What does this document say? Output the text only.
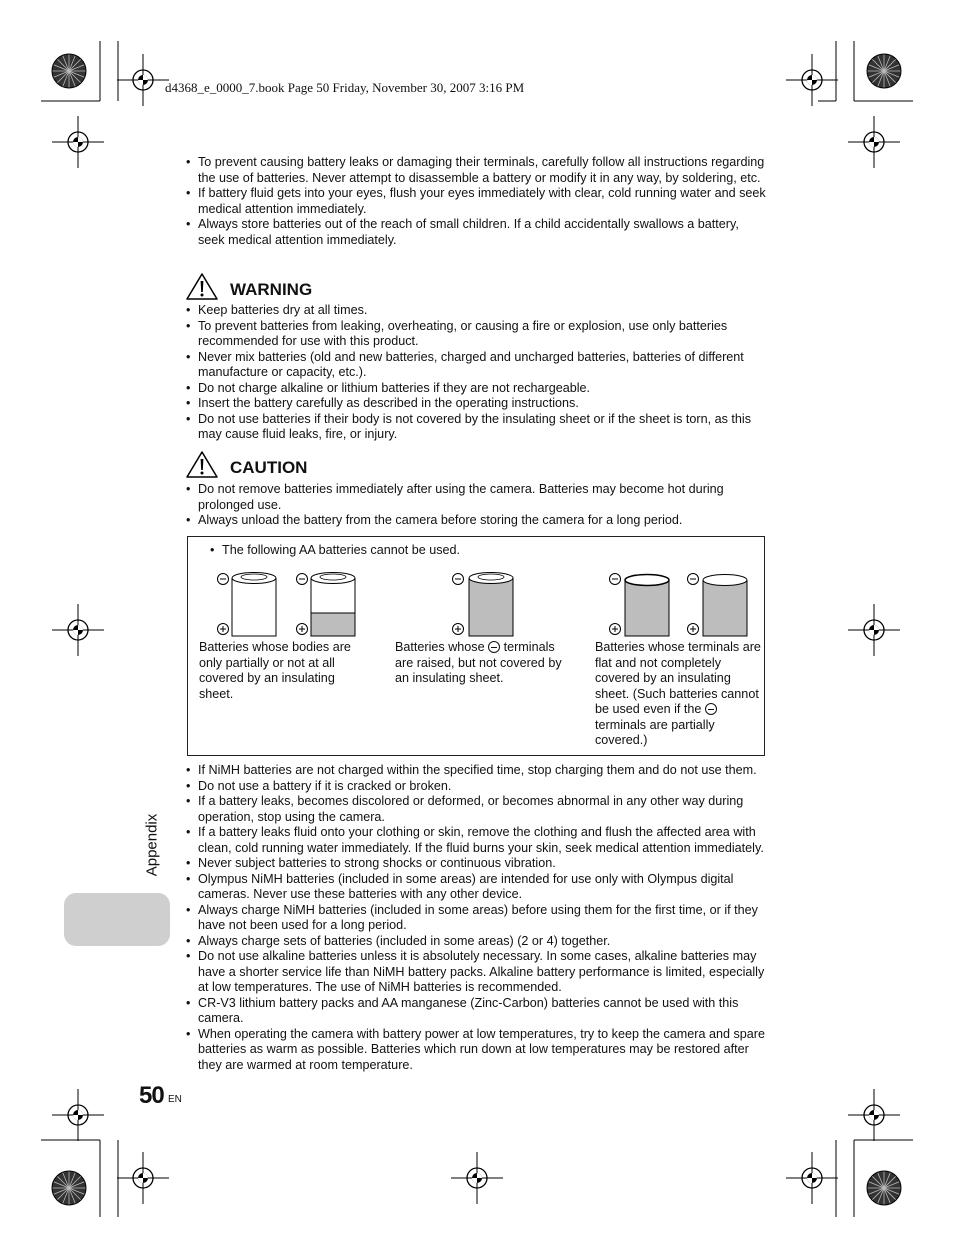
d4368_e_0000_7.book Page 50 Friday, November 30, 2007 3:16 PM
• To prevent causing battery leaks or damaging their terminals, carefully follow all instructions regarding the use of batteries. Never attempt to disassemble a battery or modify it in any way, by soldering, etc.
• If battery fluid gets into your eyes, flush your eyes immediately with clear, cold running water and seek medical attention immediately.
• Always store batteries out of the reach of small children. If a child accidentally swallows a battery, seek medical attention immediately.
WARNING
• Keep batteries dry at all times.
• To prevent batteries from leaking, overheating, or causing a fire or explosion, use only batteries recommended for use with this product.
• Never mix batteries (old and new batteries, charged and uncharged batteries, batteries of different manufacture or capacity, etc.).
• Do not charge alkaline or lithium batteries if they are not rechargeable.
• Insert the battery carefully as described in the operating instructions.
• Do not use batteries if their body is not covered by the insulating sheet or if the sheet is torn, as this may cause fluid leaks, fire, or injury.
CAUTION
• Do not remove batteries immediately after using the camera. Batteries may become hot during prolonged use.
• Always unload the battery from the camera before storing the camera for a long period.
• The following AA batteries cannot be used.
Batteries whose bodies are only partially or not at all covered by an insulating sheet.
Batteries whose  terminals are raised, but not covered by an insulating sheet.
Batteries whose terminals are flat and not completely covered by an insulating sheet. (Such batteries cannot be used even if the  terminals are partially covered.)
• If NiMH batteries are not charged within the specified time, stop charging them and do not use them.
• Do not use a battery if it is cracked or broken.
• If a battery leaks, becomes discolored or deformed, or becomes abnormal in any other way during operation, stop using the camera.
• If a battery leaks fluid onto your clothing or skin, remove the clothing and flush the affected area with clean, cold running water immediately. If the fluid burns your skin, seek medical attention immediately.
• Never subject batteries to strong shocks or continuous vibration.
• Olympus NiMH batteries (included in some areas) are intended for use only with Olympus digital cameras. Never use these batteries with any other device.
• Always charge NiMH batteries (included in some areas) before using them for the first time, or if they have not been used for a long period.
• Always charge sets of batteries (included in some areas) (2 or 4) together.
• Do not use alkaline batteries unless it is absolutely necessary. In some cases, alkaline batteries may have a shorter service life than NiMH battery packs. Alkaline battery performance is limited, especially at low temperatures. The use of NiMH batteries is recommended.
• CR-V3 lithium battery packs and AA manganese (Zinc-Carbon) batteries cannot be used with this camera.
• When operating the camera with battery power at low temperatures, try to keep the camera and spare batteries as warm as possible. Batteries which run down at low temperatures may be restored after they are warmed at room temperature.
Appendix
50 EN
